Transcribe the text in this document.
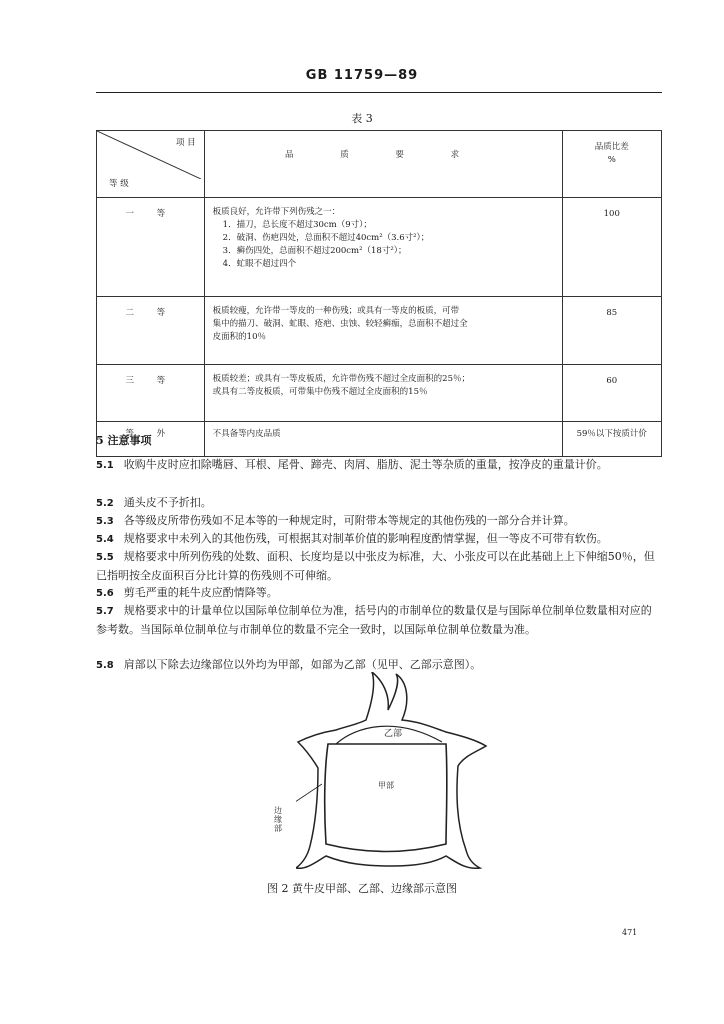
GB 11759—89
表 3
项 目
等 级	品 质 要 求	品质比差
%
一 等	板质良好，允许带下列伤残之一：
1．描刀，总长度不超过30cm（9寸）；
2．破洞、伤疤四处，总面积不超过40cm²（3.6寸²）；
3．癣伤四处，总面积不超过200cm²（18寸²）；
4．虻眼不超过四个	100
二 等	板质较瘦，允许带一等皮的一种伤残；或具有一等皮的板质，可带
集中的描刀、破洞、虻眼、疮疤、虫蚀、较轻癣痂，总面积不超过全
皮面积的10％	85
三 等	板质较差；或具有一等皮板质，允许带伤残不超过全皮面积的25％；
或具有二等皮板质，可带集中伤残不超过全皮面积的15％	60
等 外	不具备等内皮品质	59％以下按质计价
5 注意事项
5.1 收购牛皮时应扣除嘴唇、耳根、尾骨、蹄壳、肉屑、脂肪、泥土等杂质的重量，按净皮的重量计价。
5.2 通头皮不予折扣。
5.3 各等级皮所带伤残如不足本等的一种规定时，可附带本等规定的其他伤残的一部分合并计算。
5.4 规格要求中未列入的其他伤残，可根据其对制革价值的影响程度酌情掌握，但一等皮不可带有软伤。
5.5 规格要求中所列伤残的处数、面积、长度均是以中张皮为标准，大、小张皮可以在此基础上上下伸缩50％，但已指明按全皮面积百分比计算的伤残则不可伸缩。
5.6 剪毛严重的耗牛皮应酌情降等。
5.7 规格要求中的计量单位以国际单位制单位为准，括号内的市制单位的数量仅是与国际单位制单位数量相对应的参考数。当国际单位制单位与市制单位的数量不完全一致时，以国际单位制单位数量为准。
5.8 肩部以下除去边缘部位以外均为甲部，如部为乙部（见甲、乙部示意图）。
乙部
甲部
边缘部
图 2 黄牛皮甲部、乙部、边缘部示意图
471
